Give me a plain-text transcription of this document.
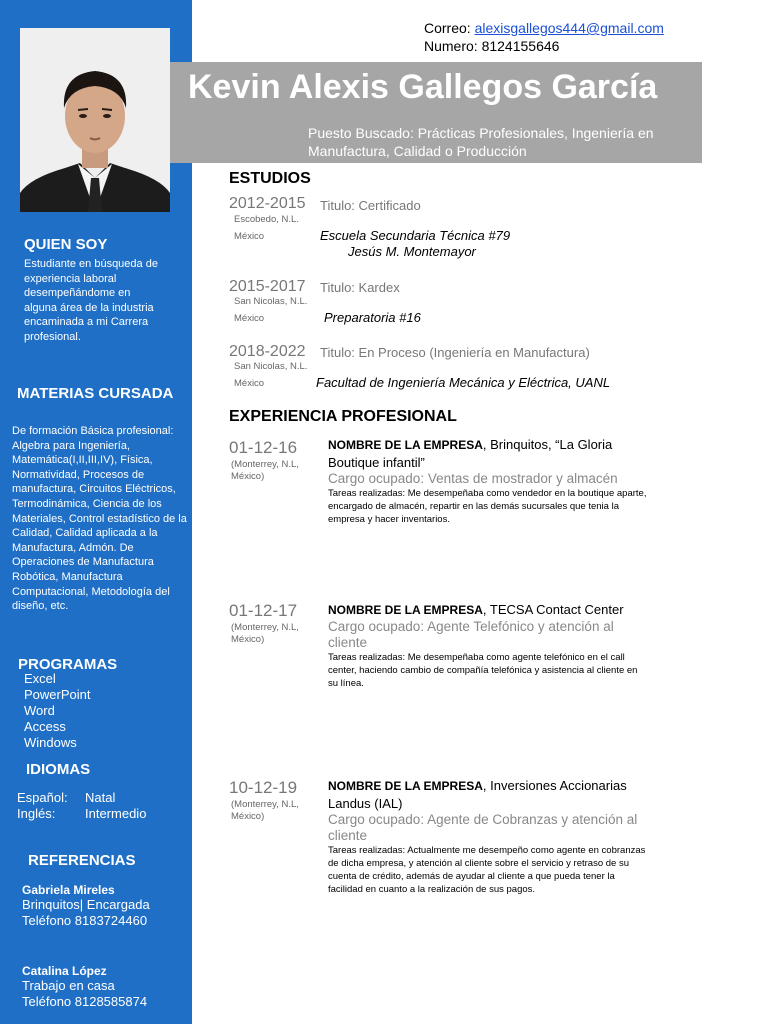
QUIEN SOY
Estudiante en búsqueda de experiencia laboral desempeñándome en alguna área de la industria encaminada a mi Carrera profesional.
MATERIAS CURSADA
De formación Básica profesional: Algebra para Ingeniería, Matemática(I,II,III,IV), Física, Normatividad, Procesos de manufactura, Circuitos Eléctricos, Termodinámica, Ciencia de los Materiales, Control estadístico de la Calidad, Calidad aplicada a la Manufactura, Admón. De Operaciones de Manufactura Robótica, Manufactura Computacional, Metodología del diseño, etc.
PROGRAMAS
Excel
PowerPoint
Word
Access
Windows
IDIOMAS
Español: Natal
Inglés: Intermedio
REFERENCIAS
Gabriela Mireles
Brinquitos| Encargada
Teléfono 8183724460
Catalina López
Trabajo en casa
Teléfono 8128585874
Correo: alexisgallegos444@gmail.com
Numero: 8124155646
Kevin Alexis Gallegos García
Puesto Buscado: Prácticas Profesionales, Ingeniería en Manufactura, Calidad o Producción
ESTUDIOS
2012-2015 Titulo: Certificado
Escobedo, N.L.
México	Escuela Secundaria Técnica #79
Jesús M. Montemayor
2015-2017 Titulo: Kardex
San Nicolas, N.L.
México	Preparatoria #16
2018-2022 Titulo: En Proceso (Ingeniería en Manufactura)
San Nicolas, N.L.
México	Facultad de Ingeniería Mecánica y Eléctrica, UANL
EXPERIENCIA PROFESIONAL
01-12-16
(Monterrey, N.L, México)
NOMBRE DE LA EMPRESA, Brinquitos, “La Gloria Boutique infantil”
Cargo ocupado: Ventas de mostrador y almacén
Tareas realizadas: Me desempeñaba como vendedor en la boutique aparte, encargado de almacén, repartir en las demás sucursales que tenia la empresa y hacer inventarios.
01-12-17
(Monterrey, N.L, México)
NOMBRE DE LA EMPRESA, TECSA Contact Center
Cargo ocupado: Agente Telefónico y atención al cliente
Tareas realizadas: Me desempeñaba como agente telefónico en el call center, haciendo cambio de compañía telefónica y asistencia al cliente en su línea.
10-12-19
(Monterrey, N.L, México)
NOMBRE DE LA EMPRESA, Inversiones Accionarias Landus (IAL)
Cargo ocupado: Agente de Cobranzas y atención al cliente
Tareas realizadas: Actualmente me desempeño como agente en cobranzas de dicha empresa, y atención al cliente sobre el servicio y retraso de su cuenta de crédito, además de ayudar al cliente a que pueda tener la facilidad en cuanto a la realización de sus pagos.
